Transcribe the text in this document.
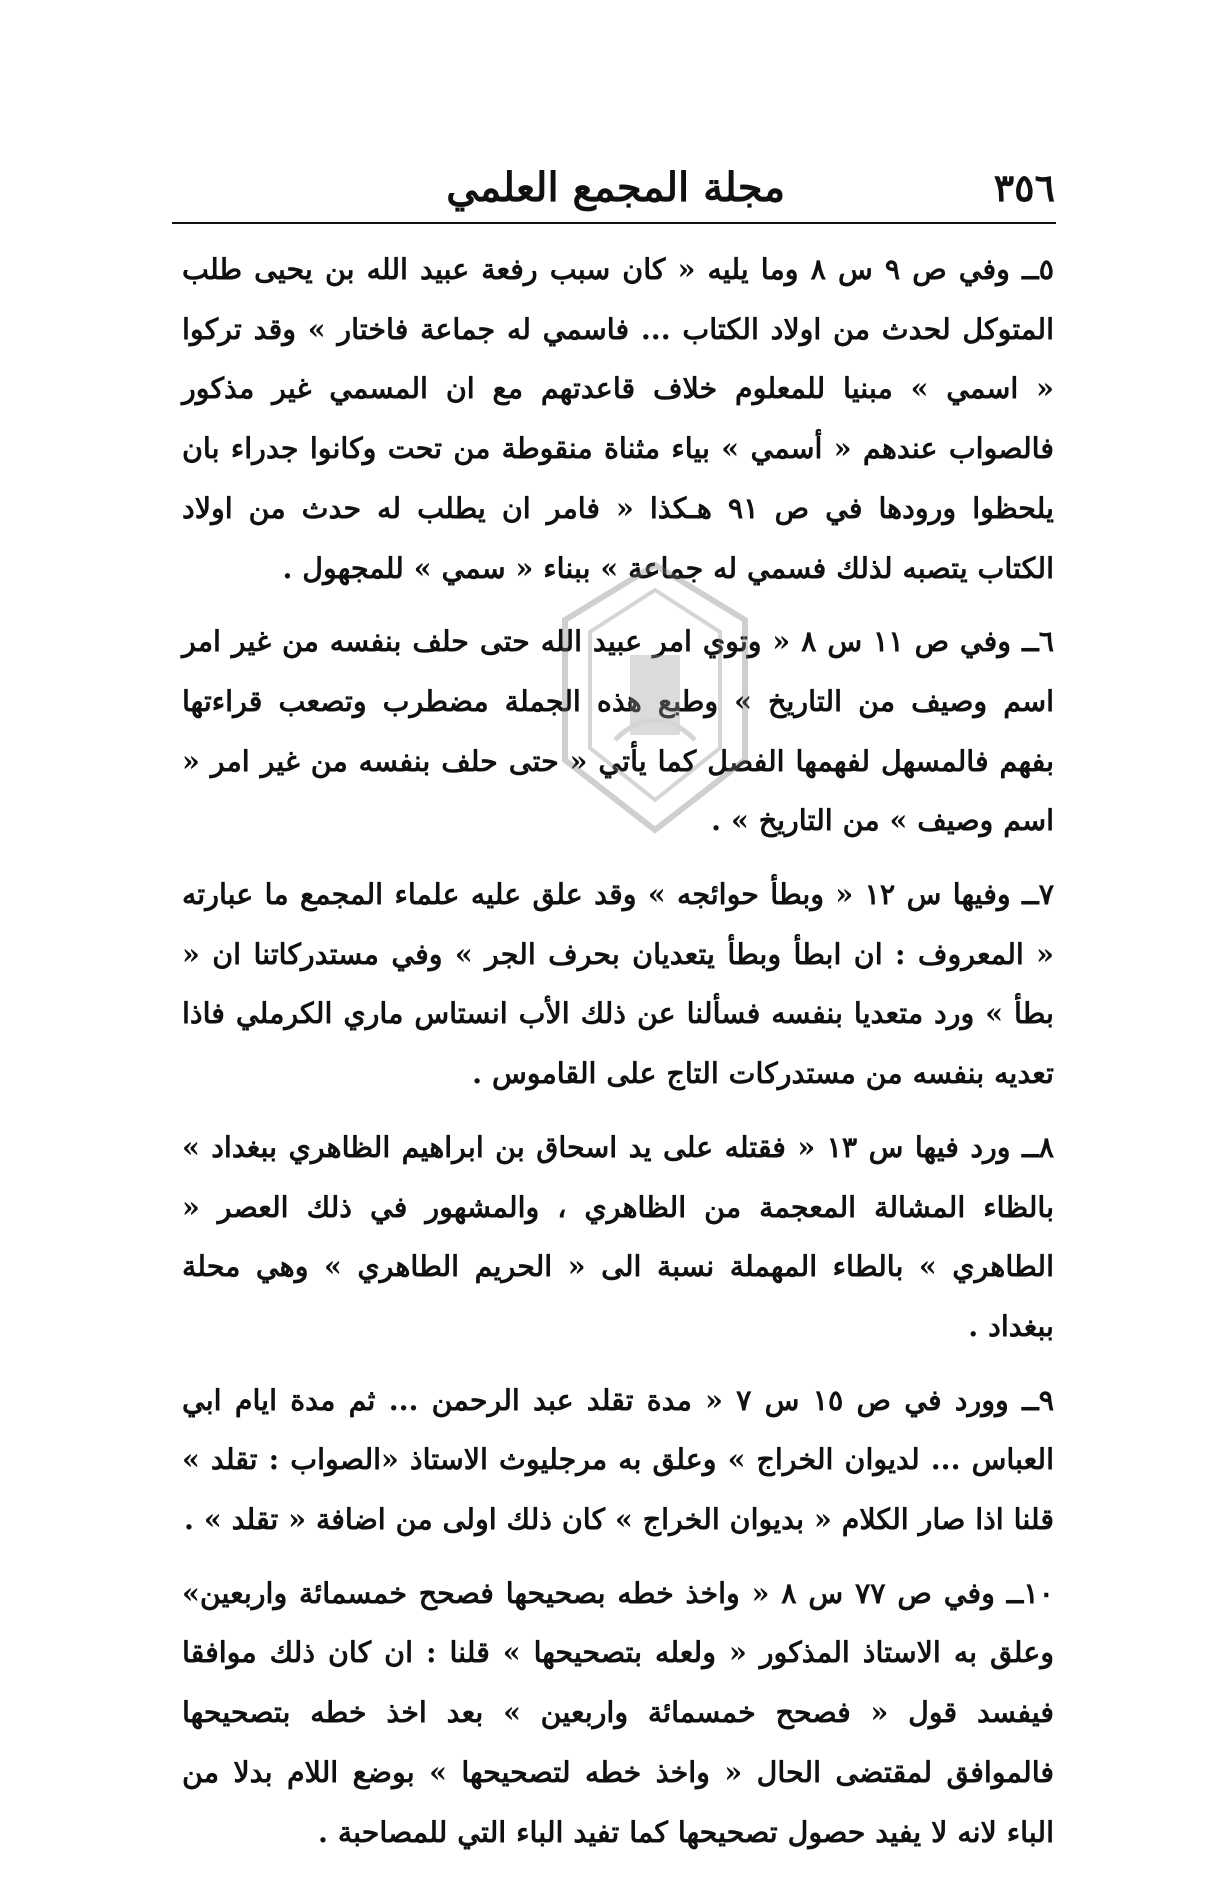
٣٥٦
مجلة المجمع العلمي

٥ــ وفي ص ٩ س ٨ وما يليه « كان سبب رفعة عبيد الله بن يحيى طلب المتوكل لحدث من اولاد الكتاب ... فاسمي له جماعة فاختار » وقد تركوا « اسمي » مبنيا للمعلوم خلاف قاعدتهم مع ان المسمي غير مذكور فالصواب عندهم « أسمي » بياء مثناة منقوطة من تحت وكانوا جدراء بان يلحظوا ورودها في ص ٩١ هـكذا « فامر ان يطلب له حدث من اولاد الكتاب يتصبه لذلك فسمي له جماعة » ببناء « سمي » للمجهول .

٦ــ وفي ص ١١ س ٨ « وتوي امر عبيد الله حتى حلف بنفسه من غير امر اسم وصيف من التاريخ » وطبع هذه الجملة مضطرب وتصعب قراءتها بفهم فالمسهل لفهمها الفصل كما يأتي « حتى حلف بنفسه من غير امر « اسم وصيف » من التاريخ » .

٧ــ وفيها س ١٢ « وبطأ حوائجه » وقد علق عليه علماء المجمع ما عبارته « المعروف : ان ابطأ وبطأ يتعديان بحرف الجر » وفي مستدركاتنا ان « بطأ » ورد متعديا بنفسه فسألنا عن ذلك الأب انستاس ماري الكرملي فاذا تعديه بنفسه من مستدركات التاج على القاموس .

٨ــ ورد فيها س ١٣ « فقتله على يد اسحاق بن ابراهيم الظاهري ببغداد » بالظاء المشالة المعجمة من الظاهري ، والمشهور في ذلك العصر « الطاهري » بالطاء المهملة نسبة الى « الحريم الطاهري » وهي محلة ببغداد .

٩ــ وورد في ص ١٥ س ٧ « مدة تقلد عبد الرحمن ... ثم مدة ايام ابي العباس ... لديوان الخراج » وعلق به مرجليوث الاستاذ «الصواب : تقلد » قلنا اذا صار الكلام « بديوان الخراج » كان ذلك اولى من اضافة « تقلد » .

١٠ــ وفي ص ٧٧ س ٨ « واخذ خطه بصحيحها فصحح خمسمائة واربعين» وعلق به الاستاذ المذكور « ولعله بتصحيحها » قلنا : ان كان ذلك موافقا فيفسد قول « فصحح خمسمائة واربعين » بعد اخذ خطه بتصحيحها فالموافق لمقتضى الحال « واخذ خطه لتصحيحها » بوضع اللام بدلا من الباء لانه لا يفيد حصول تصحيحها كما تفيد الباء التي للمصاحبة .
